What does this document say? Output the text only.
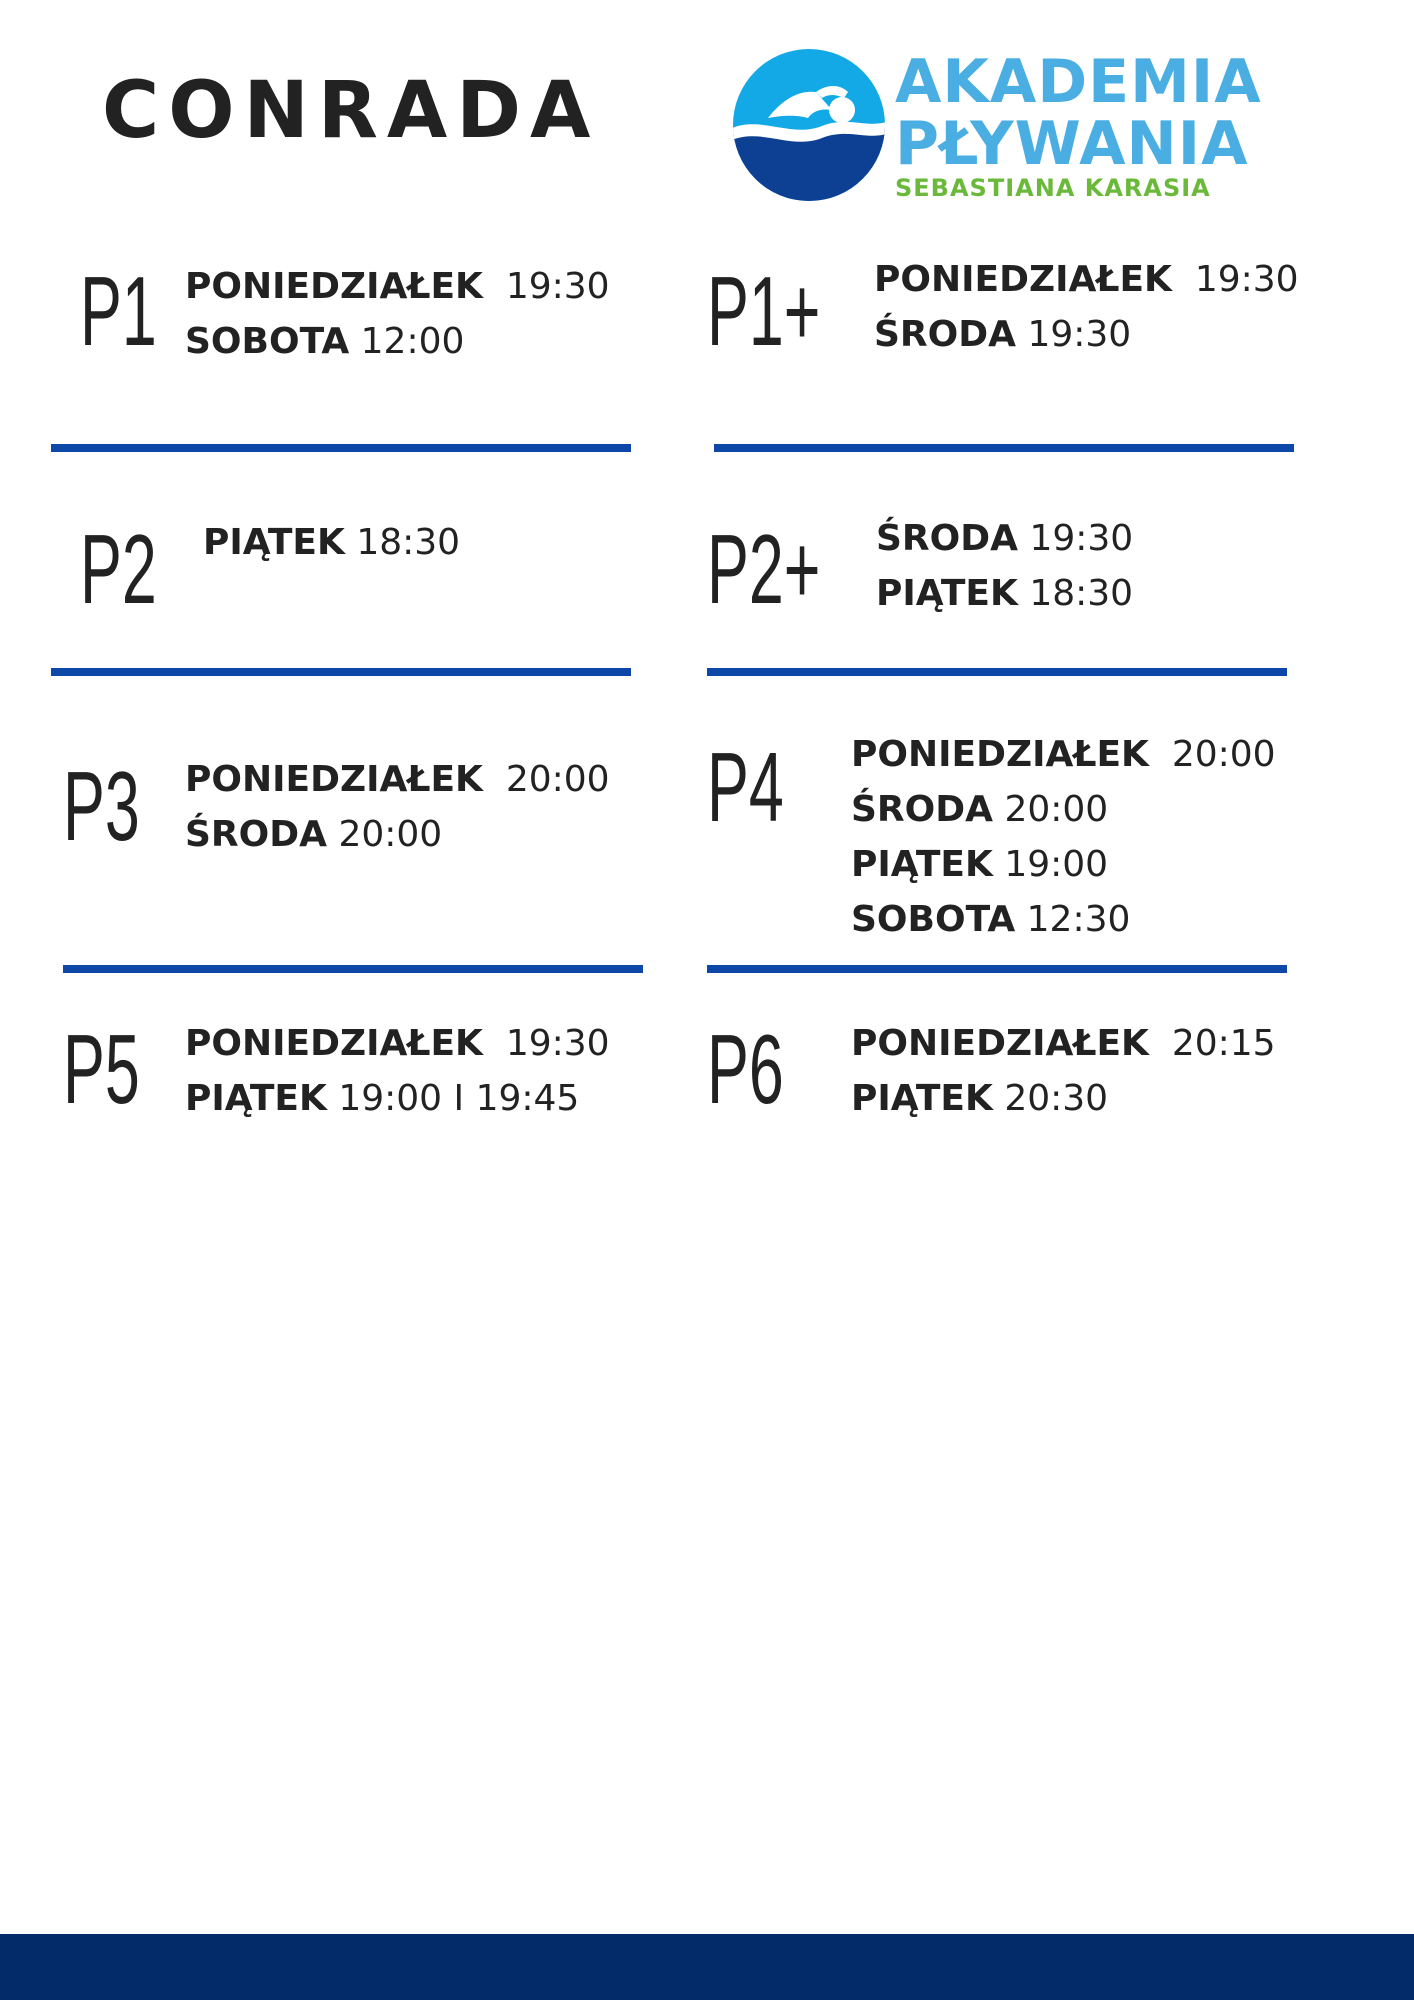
CONRADA	AKADEMIA
PŁYWANIA
SEBASTIANA KARASIA
P1 PONIEDZIAŁEK 19:30
SOBOTA 12:00	P1+ PONIEDZIAŁEK 19:30
ŚRODA 19:30
P2 PIĄTEK 18:30	P2+ ŚRODA 19:30
PIĄTEK 18:30
P3 PONIEDZIAŁEK 20:00
ŚRODA 20:00	P4 PONIEDZIAŁEK 20:00
ŚRODA 20:00
PIĄTEK 19:00
SOBOTA 12:30
P5 PONIEDZIAŁEK 19:30
PIĄTEK 19:00 I 19:45	P6 PONIEDZIAŁEK 20:15
PIĄTEK 20:30
